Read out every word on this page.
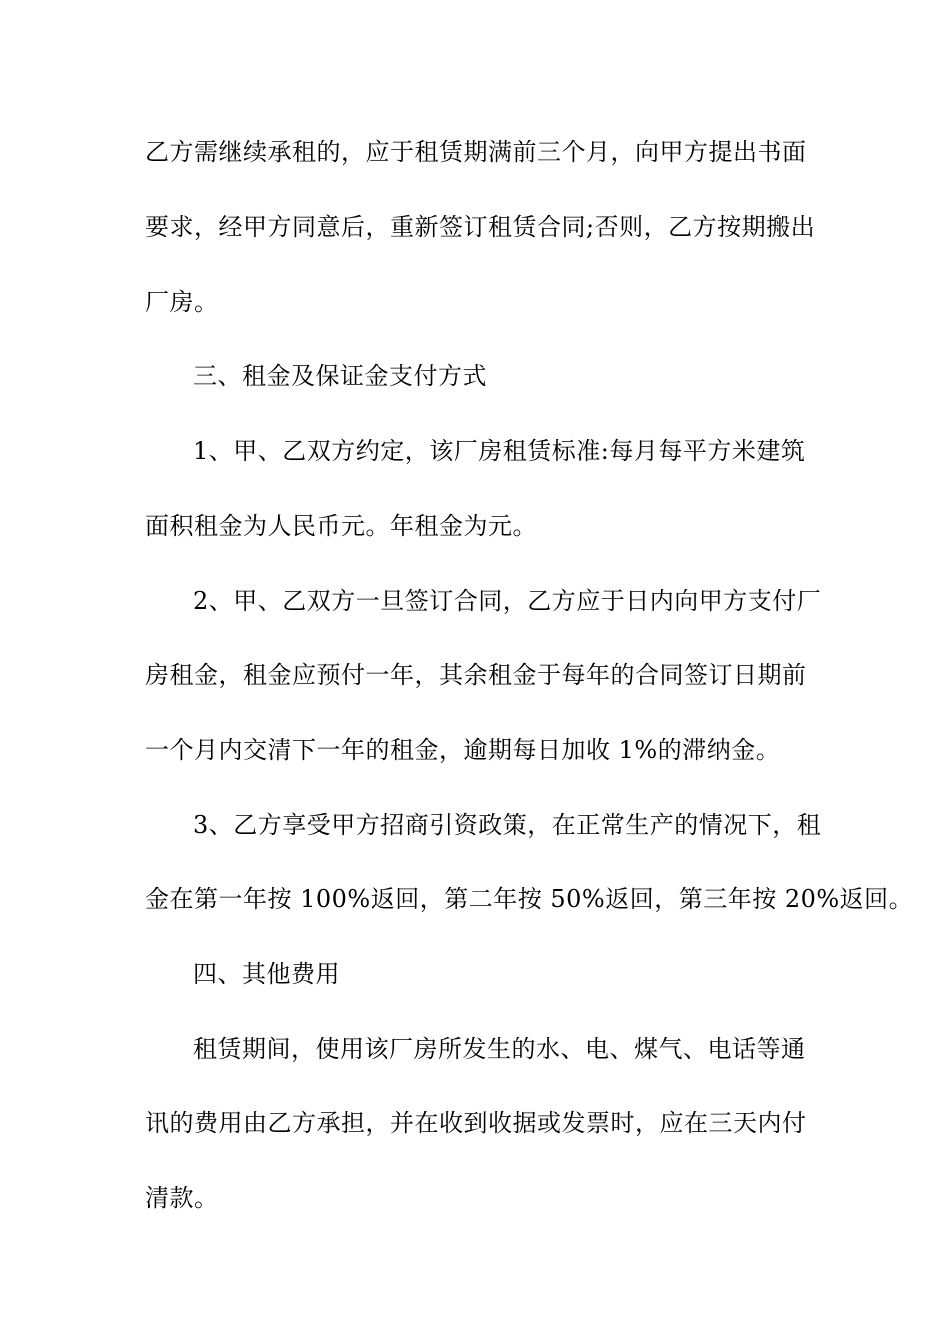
乙方需继续承租的，应于租赁期满前三个月，向甲方提出书面
要求，经甲方同意后，重新签订租赁合同;否则，乙方按期搬出
厂房。
三、租金及保证金支付方式
1、甲、乙双方约定，该厂房租赁标准:每月每平方米建筑
面积租金为人民币元。年租金为元。
2、甲、乙双方一旦签订合同，乙方应于日内向甲方支付厂
房租金，租金应预付一年，其余租金于每年的合同签订日期前
一个月内交清下一年的租金，逾期每日加收 1%的滞纳金。
3、乙方享受甲方招商引资政策，在正常生产的情况下，租
金在第一年按 100%返回，第二年按 50%返回，第三年按 20%返回。
四、其他费用
租赁期间，使用该厂房所发生的水、电、煤气、电话等通
讯的费用由乙方承担，并在收到收据或发票时，应在三天内付
清款。
